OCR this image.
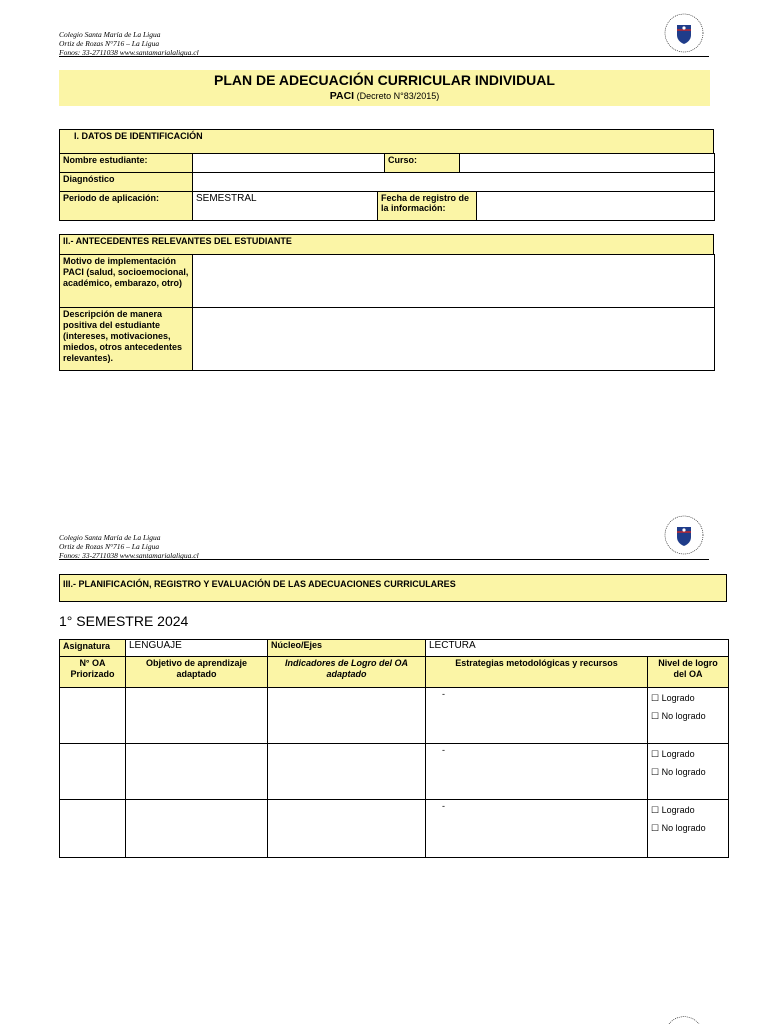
Colegio Santa María de La Ligua
Ortiz de Rozas N°716 – La Ligua
Fonos: 33-2711038 www.santamarialaligua.cl
PLAN DE ADECUACIÓN CURRICULAR INDIVIDUAL
PACI (Decreto N°83/2015)
I. DATOS DE IDENTIFICACIÓN
Nombre estudiante:			Curso:		
Diagnóstico					
Periodo de aplicación:	SEMESTRAL	Fecha de registro de la información:			
II.- ANTECEDENTES RELEVANTES DEL ESTUDIANTE
Motivo de implementación PACI (salud, socioemocional, académico, embarazo, otro)	
Descripción de manera positiva del estudiante (intereses, motivaciones, miedos, otros antecedentes relevantes).	
Colegio Santa María de La Ligua
Ortiz de Rozas N°716 – La Ligua
Fonos: 33-2711038 www.santamarialaligua.cl
III.- PLANIFICACIÓN, REGISTRO Y EVALUACIÓN DE LAS ADECUACIONES CURRICULARES
1° SEMESTRE 2024
Asignatura	LENGUAJE	Núcleo/Ejes	LECTURA	
N° OA Priorizado	Objetivo de aprendizaje adaptado	Indicadores de Logro del OA adaptado	Estrategias metodológicas y recursos	Nivel de logro del OA
			-	☐ Logrado
☐ No logrado

			-	☐ Logrado
☐ No logrado

			-	☐ Logrado
☐ No logrado
